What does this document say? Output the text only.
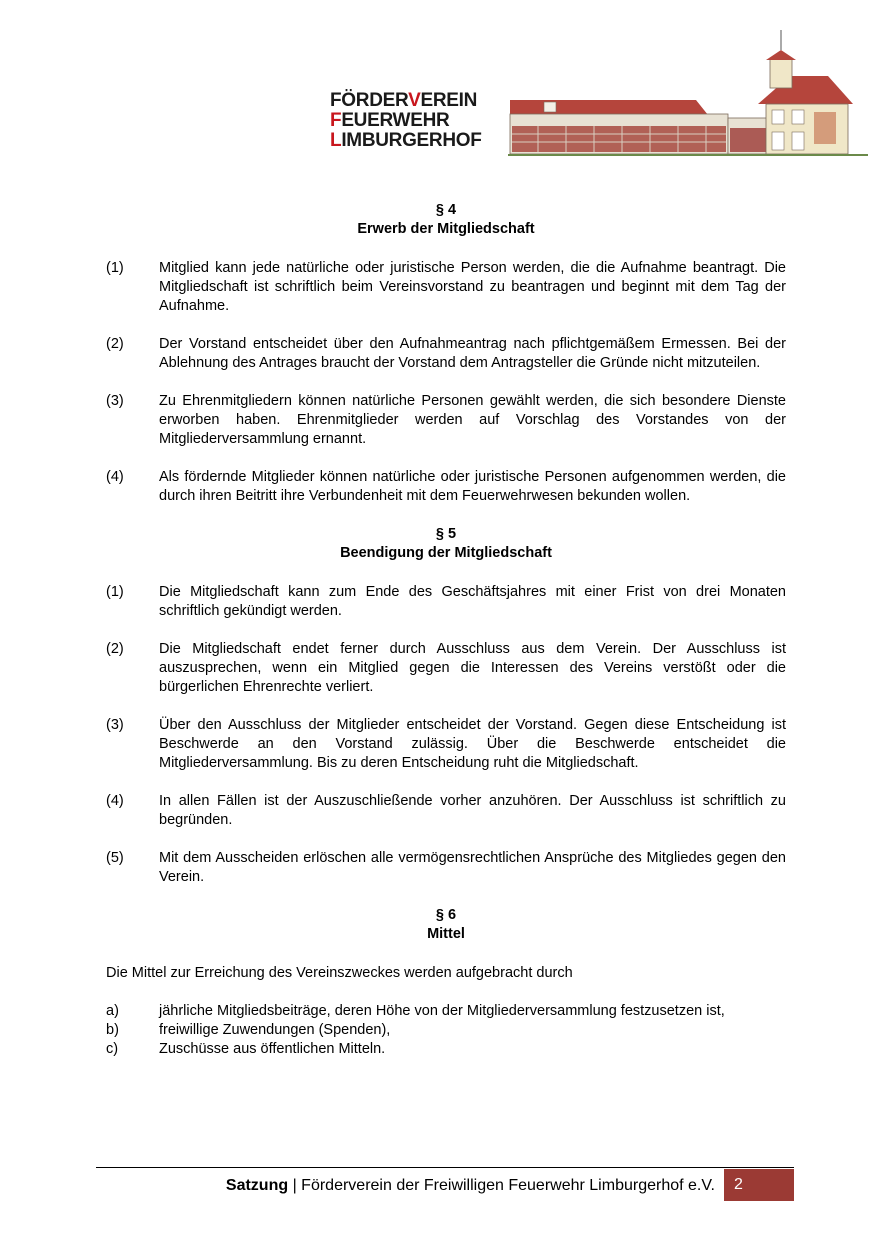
FÖRDERVEREIN
FEUERWEHR
LIMBURGERHOF

§ 4

Erwerb der Mitgliedschaft

(1)	Mitglied kann jede natürliche oder juristische Person werden, die die Aufnahme beantragt. Die Mitgliedschaft ist schriftlich beim Vereinsvorstand zu beantragen und beginnt mit dem Tag der Aufnahme.
(2)	Der Vorstand entscheidet über den Aufnahmeantrag nach pflichtgemäßem Ermessen. Bei der Ablehnung des Antrages braucht der Vorstand dem Antragsteller die Gründe nicht mitzuteilen.
(3)	Zu Ehrenmitgliedern können natürliche Personen gewählt werden, die sich besondere Dienste erworben haben. Ehrenmitglieder werden auf Vorschlag des Vorstandes von der Mitgliederversammlung ernannt.
(4)	Als fördernde Mitglieder können natürliche oder juristische Personen aufgenommen werden, die durch ihren Beitritt ihre Verbundenheit mit dem Feuerwehrwesen bekunden wollen.

§ 5

Beendigung der Mitgliedschaft

(1)	Die Mitgliedschaft kann zum Ende des Geschäftsjahres mit einer Frist von drei Monaten schriftlich gekündigt werden.
(2)	Die Mitgliedschaft endet ferner durch Ausschluss aus dem Verein. Der Ausschluss ist auszusprechen, wenn ein Mitglied gegen die Interessen des Vereins verstößt oder die bürgerlichen Ehrenrechte verliert.
(3)	Über den Ausschluss der Mitglieder entscheidet der Vorstand. Gegen diese Entscheidung ist Beschwerde an den Vorstand zulässig. Über die Beschwerde entscheidet die Mitgliederversammlung. Bis zu deren Entscheidung ruht die Mitgliedschaft.
(4)	In allen Fällen ist der Auszuschließende vorher anzuhören. Der Ausschluss ist schriftlich zu begründen.
(5)	Mit dem Ausscheiden erlöschen alle vermögensrechtlichen Ansprüche des Mitgliedes gegen den Verein.

§ 6

Mittel

Die Mittel zur Erreichung des Vereinszweckes werden aufgebracht durch

a)	jährliche Mitgliedsbeiträge, deren Höhe von der Mitgliederversammlung festzusetzen ist,
b)	freiwillige Zuwendungen (Spenden),
c)	Zuschüsse aus öffentlichen Mitteln.
Satzung | Förderverein der Freiwilligen Feuerwehr Limburgerhof e.V.	2
